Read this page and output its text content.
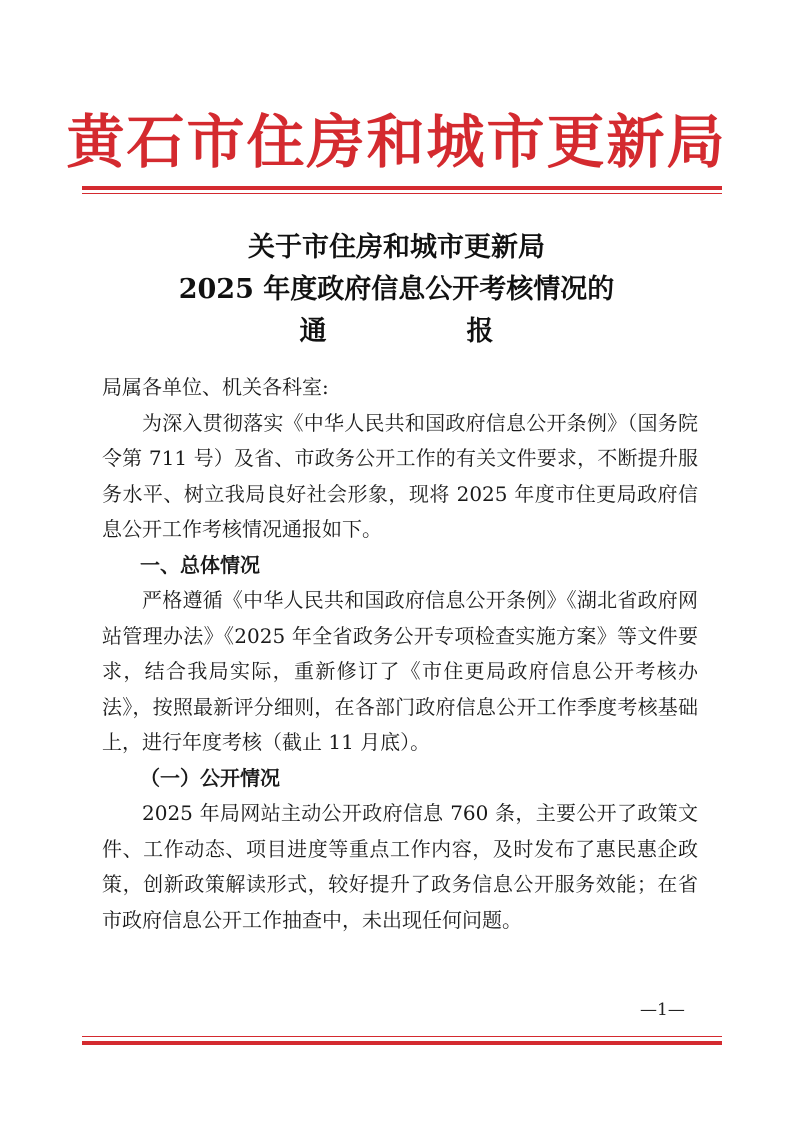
黄石市住房和城市更新局
关于市住房和城市更新局
2025 年度政府信息公开考核情况的
通	报

局属各单位、机关各科室:

为深入贯彻落实《中华人民共和国政府信息公开条例》（国务院令第 711 号）及省、市政务公开工作的有关文件要求，不断提升服务水平、树立我局良好社会形象，现将 2025 年度市住更局政府信息公开工作考核情况通报如下。

一、总体情况

严格遵循《中华人民共和国政府信息公开条例》《湖北省政府网站管理办法》《2025 年全省政务公开专项检查实施方案》等文件要求，结合我局实际，重新修订了《市住更局政府信息公开考核办法》，按照最新评分细则，在各部门政府信息公开工作季度考核基础上，进行年度考核（截止 11 月底）。

（一）公开情况

2025 年局网站主动公开政府信息 760 条，主要公开了政策文件、工作动态、项目进度等重点工作内容，及时发布了惠民惠企政策，创新政策解读形式，较好提升了政务信息公开服务效能；在省市政府信息公开工作抽查中，未出现任何问题。

—1—
